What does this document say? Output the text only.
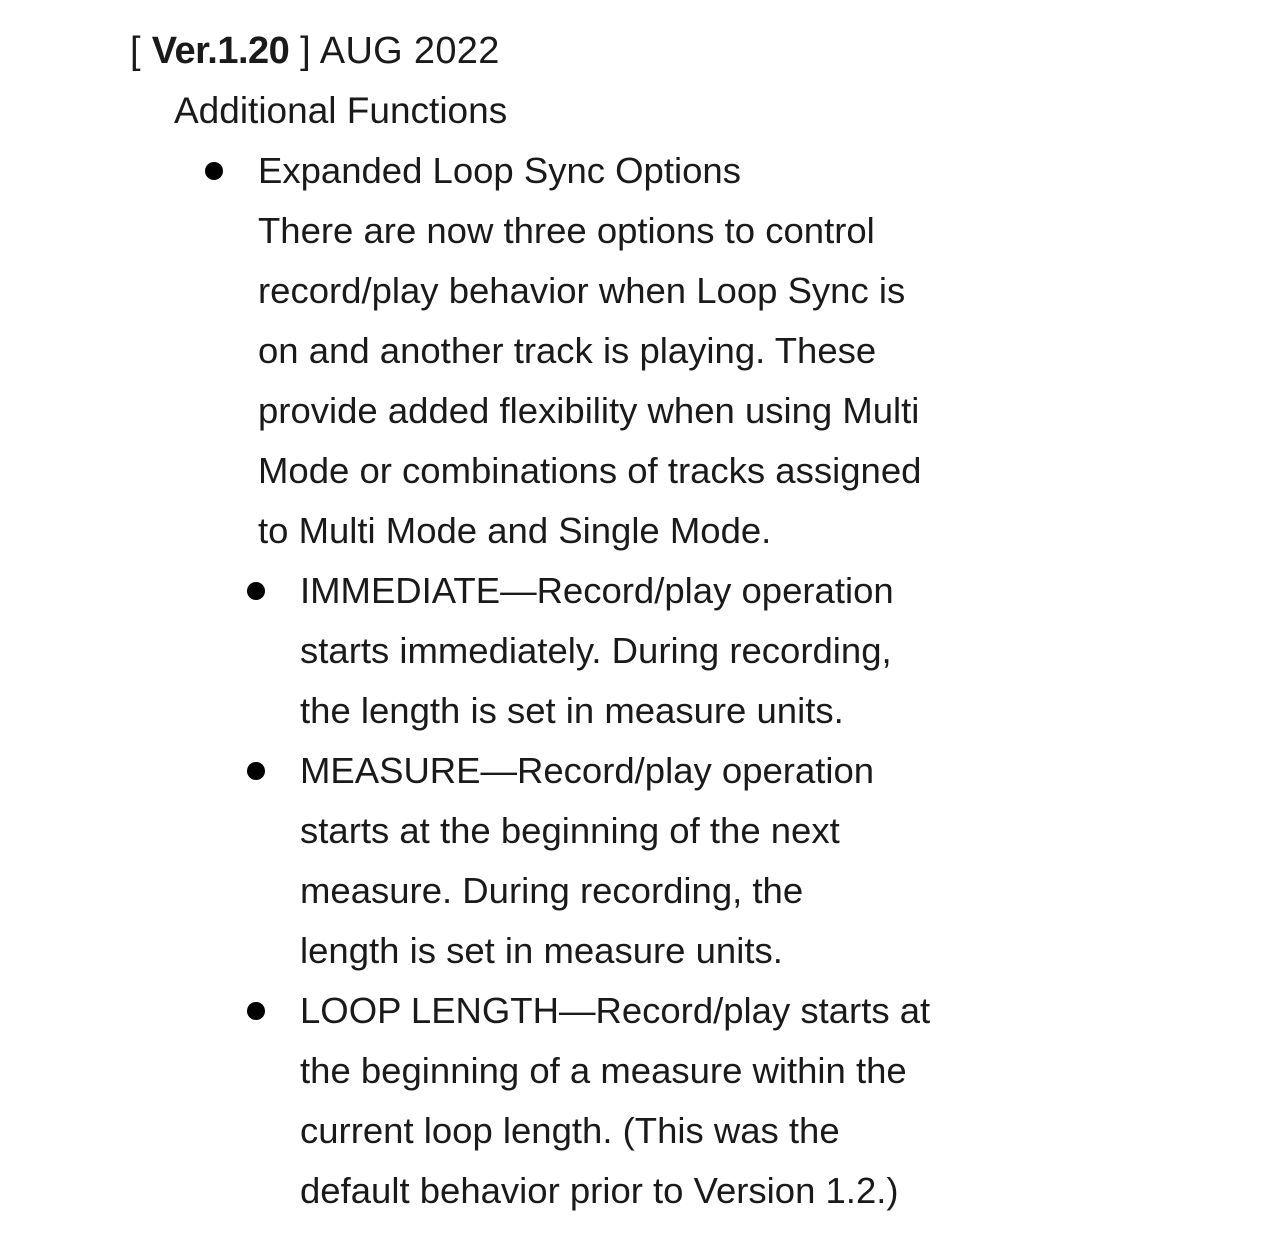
[ Ver.1.20 ] AUG 2022
Additional Functions
Expanded Loop Sync Options
There are now three options to control
record/play behavior when Loop Sync is
on and another track is playing. These
provide added flexibility when using Multi
Mode or combinations of tracks assigned
to Multi Mode and Single Mode.
IMMEDIATE—Record/play operation
starts immediately. During recording,
the length is set in measure units.
MEASURE—Record/play operation
starts at the beginning of the next
measure. During recording, the
length is set in measure units.
LOOP LENGTH—Record/play starts at
the beginning of a measure within the
current loop length. (This was the
default behavior prior to Version 1.2.)
